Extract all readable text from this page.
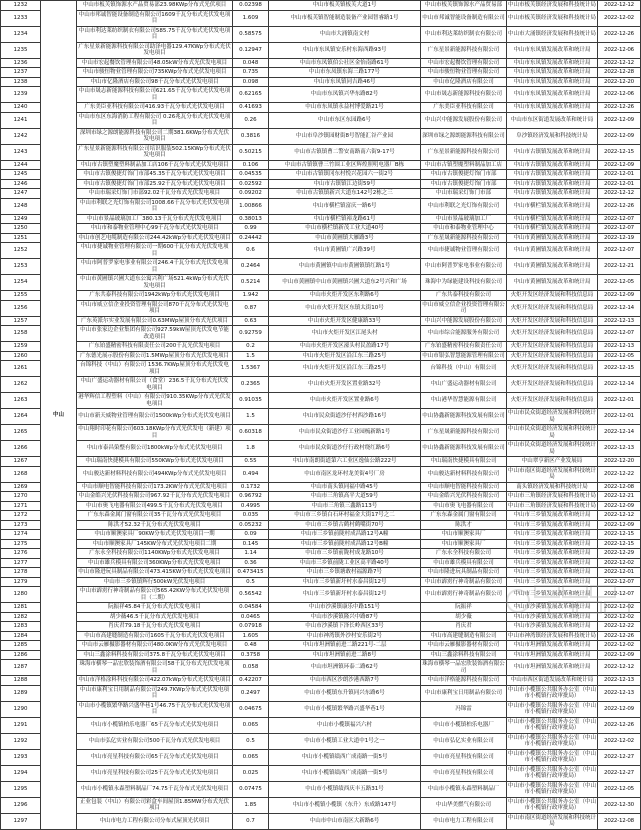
1232	中山	中山市板芙镇饰源水产品贸易部23.98KWp分布式光伏项目	0.02398	中山市板芙镇板芙大道1号	中山市板芙镇饰源水产品贸易部	中山市板芙镇经济发展和科技统计局	2022-12-12
1233		中山市邦诚智能设备制造有限公司1609千瓦分布式光伏发电项目	1.609	中山市板芙镇智能制造装备产业园智睿路1号	中山市邦诚智能设备制造有限公司	中山市板芙镇经济发展和科技统计局	2022-12-02
1234		中山市利达莱纺织制衣有限公司585.75千瓦分布式光伏发电项目	0.58575	中山市大涌镇南文村	中山市利达莱纺织制衣有限公司	中山市大涌镇经济发展和科技统计局	2022-12-26
1235		广东星景新能源科技有限公司助泽电器129.47KWp分布式光伏发电项目	0.12947	中山市东凤镇安乐村东海西路93号	广东星景新能源科技有限公司	中山市东凤镇发展改革和统计局	2022-12-06
1236		中山市宏起餐饮管理有限公司48.05kW分布式光伏发电项目	0.048	中山市东凤镇伯公社区金怡南路61号	中山市宏起餐饮管理有限公司	中山市东凤镇发展改革和统计局	2022-12-12
1237		中山市骏恒物业管理有限公司735KWp分布式光伏发电项目	0.735	中山市东凤镇东海三路177号	中山市骏恒物业管理有限公司	中山市东凤镇发展改革和统计局	2022-12-28
1238		中山市亿隆酒店有限公司98千瓦分布式光伏发电项目	0.098	中山市东凤镇同吉路46号	中山市亿隆酒店有限公司	中山市东凤镇发展改革和统计局	2022-12-20
1239		中山市晟志新能源科技有限公司621.65千瓦分布式光伏发电项目	0.62165	中山市东凤镇兴华东路82号	中山市晟志新能源科技有限公司	中山市东凤镇发展改革和统计局	2022-12-06
1240		广东美臣亚科技有限公司416.93千瓦分布式光伏发电项目	0.41693	中山市东凤镇永益村博爱路21号	广东美臣亚科技有限公司	中山市东凤镇发展改革和统计局	2022-12-26
1241		中山市东区东海消防工程有限公司 0.26兆瓦分布式光伏发电项目	0.26	中山市东区东园路6号	中山兴中能源发展股份有限公司	中山市东区街道发展改革和统计局	2022-12-09
1242		深圳市绿之源朗能源科技有限公司二期381.6KWp分布式光伏发电项目	0.3816	中山市阜沙镇园财街8号智能汇谷产业园	深圳市绿之源朗能源科技有限公司	阜沙镇经济发展和科技统计局	2022-12-09
1243		广东星景新能源科技有限公司培识服装502.15KWp分布式光伏发电项目	0.50215	中山市古镇镇曹二警安南路南六街9-17号	广东星景新能源科技有限公司	中山市古镇镇发展改革和统计局	2022-12-15
1244		中山市古镇塑魔塑料制品加工店106千瓦分布式光伏发电项目	0.106	中山市古镇镇曹三竹围工业区辉煌照明电器厂B栋	中山市古镇塑魔塑料制品加工店	中山市古镇镇发展改革和统计局	2022-12-09
1245		中山市古镇俊捷灯饰门市部45.35千瓦分布式光伏发电项目	0.04535	中山市古镇镇冈东村悦兴花园六一街2号	中山市古镇俊捷灯饰门市部	中山市古镇镇发展改革和统计局	2022-12-01
1246		中山市古镇俊捷灯饰门市部25.92千瓦分布式光伏发电项目	0.02592	中山市古镇镇江边街59号	中山市古镇俊捷灯饰门市部	中山市古镇镇发展改革和统计局	2022-12-01
1247		中山市瑞采灯饰门市部92.02千瓦分布式光伏发电项目	0.09202	中山市古镇镇新兴大道东142号2栋之三	中山市瑞采灯饰门市部	中山市古镇镇发展改革和统计局	2022-12-12
1248		中山市利联之光灯饰有限公司1008.66千瓦分布式光伏发电项目	1.00866	中山市横栏镇富庆一路6号	中山市利联之光灯饰有限公司	中山市横栏镇发展改革和统计局	2022-12-26
1249		中山市景晶玻璃加工厂380.13千瓦分布式光伏发电项目	0.38013	中山市横栏镇裕龙路61号	中山市景晶玻璃加工厂	中山市横栏镇发展改革和统计局	2022-12-07
1250		中山市和泰物业管理中心99千瓦分布式光伏发电项目	0.99	中山市横栏镇新茂工业大道40号	中山市和泰物业管理中心	中山市横栏镇发展改革和统计局	2022-12-07
1251		中山市创艺电缆制造有限公司244.42kWp分布式光伏发电项目	0.24442	中山市黄圃镇大雁路3号	广东星晟新能源科技有限公司	中山市黄圃镇发展改革和统计局	2022-12-19
1252		中山市捷诚物业管理有限公司一期600千瓦分布式光伏发电项目	0.6	中山市黄圃镇广兴路39号	中山市捷诚物业管理有限公司	中山市黄圃镇发展改革和统计局	2022-12-07
1253		中山市阿普罗家电事业有限公司246.4千瓦分布式光伏发电项目	0.2464	中山市黄圃镇中山市黄圃镇镇红路1号	中山市阿普罗家电事业有限公司	中山市黄圃镇发展改革和统计局	2022-12-21
1254		中山市黄圃镇兴圃大道东公寓兴利广场521.4kWp分布式光伏发电项目	0.5214	中山市黄圃镇中山市黄圃镇兴圃大道东2号兴和广场	珠海中为绿能建设科技有限公司	中山市黄圃镇发展改革和统计局	2022-12-05
1255		广东共泰科技有限公司1942kWp分布式光伏发电项目	1.942	中山市火炬开发区东利路6号	广东共泰科技有限公司	火炬开发区经济发展和科技信息局	2022-12-09
1256		中山市威立信企业投资管理有限公司870千瓦分布式光伏发电项目	0.87	中山市火炬开发区东镇太街10号	中山市威立信企业投资管理有限公司	火炬开发区经济发展和科技信息局	2022-12-14
1257		广东英派尔实业发展有限公司0.63MWp屋顶分布式光伏项目	0.63	中山市火炬开发区健康路33号	中山兴中能源发展股份有限公司	火炬开发区经济发展和科技信息局	2022-12-13
1258		中山市张家边企业集团有限公司927.59kW屋顶光伏发电节能改造项目	0.92759	中山市火炬开发区江尾头村	中山市综合能源服务有限公司	火炬开发区经济发展和科技信息局	2022-12-07
1259		广东铂盛精密科技有限责任公司200千瓦光伏发电项目	0.2	中山市火炬开发区濠头村民盈路17号	广东铂盛精密科技有限责任公司	火炬开发区经济发展和科技信息局	2022-12-13
1260		广东德光展示股份有限公司1.5MWp屋顶分布式光伏发电项目	1.5	中山市火炬开发区沿江东三路25号	中山市银弘智慧能源管理有限公司	火炬开发区经济发展和科技信息局	2022-12-05
1261		台锦科技（中山）有限公司 1536.7KWp屋顶分布式光伏发电项目	1.5367	中山市火炬开发区沿江东三路25号	台锦科技（中山）有限公司	火炬开发区经济发展和科技信息局	2022-12-15
1262		中山广盛运动器材有限公司（食堂）236.5千瓦分布式光伏发电项目	0.2365	中山市火炬开发区置业路32号	中山广盛运动器材有限公司	火炬开发区经济发展和科技信息局	2022-12-14
1263		港华辉信工程塑料（中山）有限公司910.35KWp分布式光伏发电项目	0.91035	中山市火炬开发区置业路6号	中山港华智慧能源有限公司	火炬开发区经济发展和科技信息局	2022-12-01
1264		中山市新天威物业管理有限公司1500kWp分布式光伏发电项目	1.5	中山市民众街道沙仔村西沙路16号	中山协鑫新能源科技发展有限公司	中山市民众街道经济发展和科技统计局	2022-12-01
1265		中山翔时印花有限公司603.18KWp分布式光伏发电（新建）项目	0.60318	中山市民众街道沙仔工业园梳新路1号	广东星晟新能源科技有限公司	中山市民众街道经济发展和科技统计局	2022-12-14
1266		中山市泰昌染整有限公司1800kWp分布式光伏发电项目	1.8	中山市民众街道沙仔行政村绕红路6号	中山协鑫新能源科技发展有限公司	中山市民众街道经济发展和科技统计局	2022-12-13
1267		中山瑞南快捷模具有限公司550KWp分布式光伏发电项目	0.55	中山市南朗街道第六工业区逸仙公路222号	中山瑞南快捷模具有限公司	中山翠亨新区产业发展局	2022-12-20
1268		中山骏达新材料科技有限公司494KWp分布式光伏发电项目	0.494	中山市南区龙环村龙美街4号厂房	中山骏达新材料科技有限公司	中山市南区街道经济发展和科技统计局	2022-12-22
1269		中山市顺电智能科技有限公司173.2KW分布式光伏发电项目	0.1732	中山市南头镇同福中路45号	中山市顺电智能科技有限公司	南头镇经济发展和科技统计局	2022-12-08
1270		中山金皓兴光伏科技有限公司967.92千瓦分布式光伏发电项目	0.96792	中山市三角镇高平大道59号	中山金皓兴光伏科技有限公司	中山市三角镇经济发展和科技统计局	2022-12-21
1271		中山市奥飞电器有限公司499.5千瓦分布式光伏发电项目	0.4995	中山市三角镇三鑫路113号	中山市奥飞电器有限公司	中山市三角镇经济发展和科技统计局	2022-12-09
1272		广东东森金属门窗有限公司35千瓦分布式光伏发电项目	0.035	中山市三乡镇白石环村福金大街17号之二	广东东森金属门窗有限公司	中山市三乡镇发展改革和统计局	2022-12-12
1273		陈洪才52.32千瓦分布式光伏发电项目	0.05232	中山市三乡镇古鹤村鹤嘴街70号	陈洪才	中山市三乡镇发展改革和统计局	2022-12-09
1274		中山市顺澳家具厂90KW分布式光伏发电项目一期	0.09	中山市三乡镇前陇村成昌路12号A幢	中山市顺澳家具厂	中山市三乡镇发展改革和统计局	2022-12-15
1275		中山市顺澳家具厂145KW分布式光伏发电项目二期	0.145	中山市三乡镇前陇村成昌路12号B幢	中山市顺澳家具厂	中山市三乡镇发展改革和统计局	2022-12-15
1276		广东永全科技有限公司1140KWp分布式光伏发电项目	1.14	中山市三乡镇前陇村成龙路10号	广东永全科技有限公司	中山市三乡镇发展改革和统计局	2022-12-29
1277		中山市雄兵模具有限公司360KWp分布式光伏发电项目	0.36	中山市三乡镇前陇工业区高平路40号	中山市雄兵模具有限公司	中山市三乡镇发展改革和统计局	2022-12-02
1278		中山市隆进玩具制品有限公司473.415KW分布式光伏发电项目	0.473415	中山市三乡镇塘敢村福源路7号	中山市隆进玩具制品有限公司	中山市三乡镇发展改革和统计局	2022-12-01
1279		中山市三乡镇镇辉行500kW光伏发电项目	0.5	中山市三乡镇新圩村水泰昌街12号	中山市霹雳行神奇制品有限公司	中山市三乡镇发展改革和统计局	2022-12-07
1280		中山市霹雳行神奇制品有限公司565.42KW分布式光伏发电项目（二期）	0.56542	中山市三乡镇新圩村水泰昌街12号	中山市霹雳行神奇制品有限公司	中山市三乡镇发展改革和统计局	2022-12-07
1281		阮振祥45.84千瓦分布式光伏发电项目	0.04584	中山市沙溪镇康乐中路151号	阮振祥	中山市沙溪镇发展改革和统计局	2022-12-02
1282		胡少薇46.5千瓦分布式光伏发电项目	0.0465	中山市沙溪镇隆兴中路87号	胡少薇	中山市沙溪镇发展改革和统计局	2022-12-02
1283		肖庆君79.18千瓦分布式光伏发电项目	0.07918	中山市沙溪镇下泽长岭西区33号	肖庆君	中山市沙溪镇发展改革和统计局	2022-12-22
1284		中山市高建缝制造有限公司1605千瓦分布式光伏发电项目	1.605	中山市神湾镇外沙村安乐街2号	中山市高建缝制造有限公司	中山市神湾镇经济发展和科技统计局	2022-12-26
1285		中山市云雁摄影器材有限公司480.0KW分布式光伏发电项目	0.48	中山市坦洲镇前进二路221号-二层	中山市云雁摄影器材有限公司	中山市坦洲镇发展改革和统计局	2022-12-02
1286		中山三鑫涂料科技有限公司375.8千瓦分布式光伏发电项目	0.3758	中山市坦洲镇前进二路8号	中山三鑫涂料科技有限公司	中山市坦洲镇发展改革和统计局	2022-12-09
1287		珠海市横琴一品宏欣装饰酒有限公司58千瓦分布式光伏发电项目	0.058	中山市坦洲镇环泰二路62号	珠海市横琴一品宏欣装饰酒有限公司	中山市坦洲镇发展改革和统计局	2022-12-12
1288		中山市洋格涂料科技有限公司422.07kWp分布式光伏发电项目	0.42207	中山市西区沙朗沙港西路7号	中山市洋格能源科技有限公司	中山市西区街道发展改革和统计局	2022-12-13
1289		中山市康利宝日用制品有限公司249.7KWp分布式光伏发电项目	0.2497	中山市小榄镇东升镇同兴东路6号	中山市康利宝日用制品有限公司	中山市小榄镇公共服务办公室（中山市小榄镇行政审批局）	2022-12-13
1290		中山市小榄镇繁华路兴盛华巷1号46.75千瓦分布式光伏发电项目	0.04675	中山市小榄镇繁华路兴盛华巷1号	冯锦雷	中山市小榄镇公共服务办公室（中山市小榄镇行政审批局）	2022-12-09
1291		中山市小榄镇柏乐电器厂65千瓦分布式光伏发电项目	0.065	中山市小榄镇福兴六村	中山市小榄镇柏乐电器厂	中山市小榄镇公共服务办公室（中山市小榄镇行政审批局）	2022-12-26
1292		中山市弘亿实业有限公司500千瓦分布式光伏发电项目	0.5	中山市小榄镇工业大道中1号之一	中山市弘亿实业有限公司	中山市小榄镇公共服务办公室（中山市小榄镇行政审批局）	2022-12-02
1293		中山市亮星科技有限公司65千瓦分布式光伏发电项目	0.065	中山市小榄镇绩西广成南路一街5号	中山市亮星科技有限公司	中山市小榄镇公共服务办公室（中山市小榄镇行政审批局）	2022-12-27
1294		中山市亮星科技有限公司25千瓦分布式光伏发电项目	0.025	中山市小榄镇绩西广成南路一街5号	中山市亮星科技有限公司	中山市小榄镇公共服务办公室（中山市小榄镇行政审批局）	2022-12-27
1295		中山市小榄镇永森塑料制品厂74.75千瓦分布式光伏发电项目	0.07475	中山市小榄镇绩西庆丰五路31号	中山市小榄镇永森塑料制品厂	中山市小榄镇公共服务办公室（中山市小榄镇行政审批局）	2022-12-05
1296		正业包装（中山）有限公司彩盒车间屋顶1.85MW分布式光伏项目	1.85	中山市小榄镇小榄镇（东升）东成路147号	中山华美燃气有限公司	中山市小榄镇公共服务办公室（中山市小榄镇行政审批局）	2022-12-30
1297		中山市电力工程有限公司分布式屋顶光伏项目	0.7	中山市中山市南区大新路6号	中山市电力工程有限公司	中山市南区街道经济发展和科技统计局	2022-12-08
